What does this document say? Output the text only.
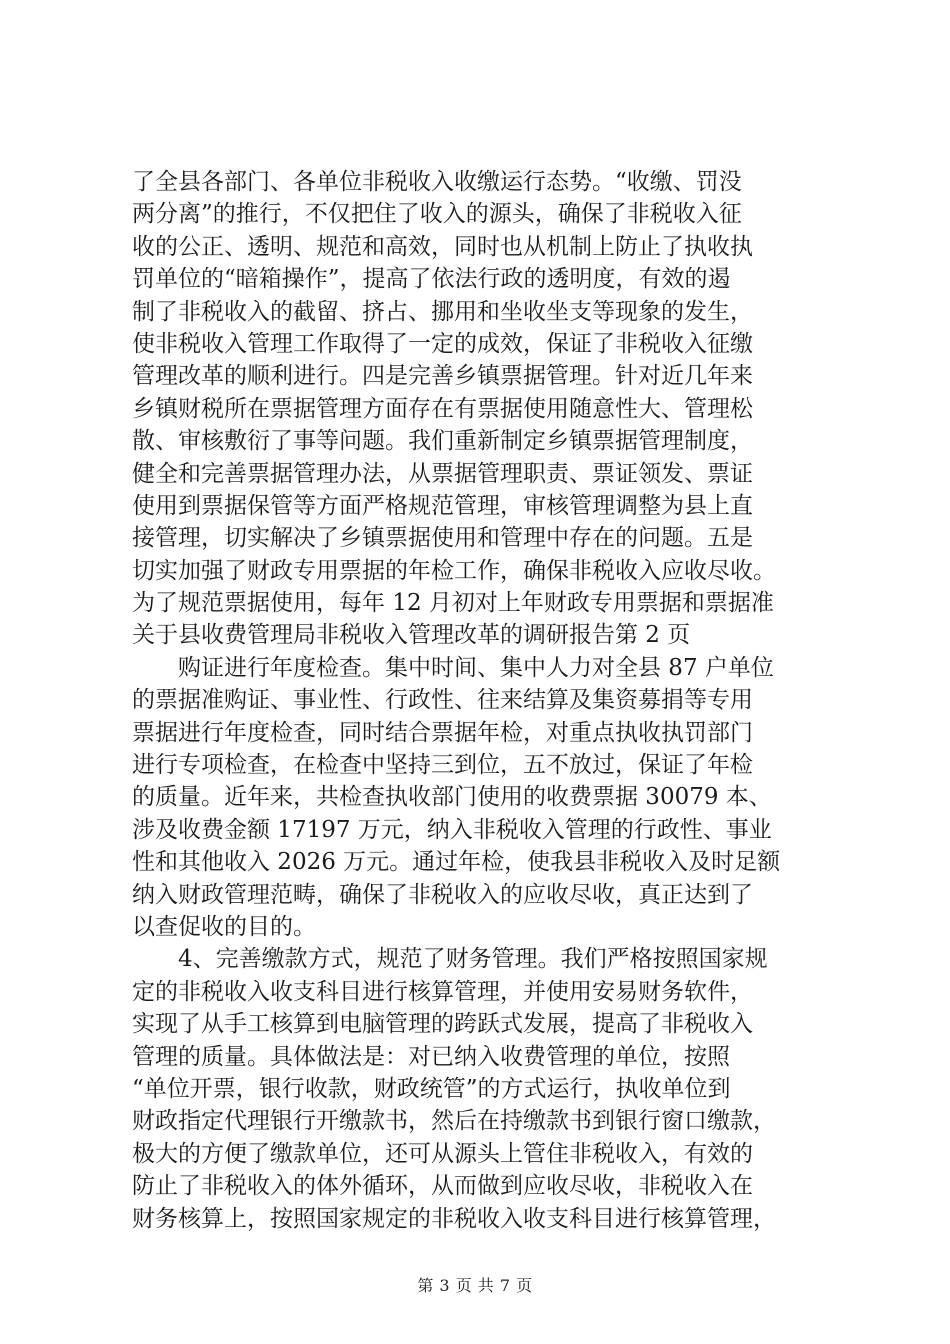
了全县各部门、各单位非税收入收缴运行态势。“收缴、罚没
两分离”的推行，不仅把住了收入的源头，确保了非税收入征
收的公正、透明、规范和高效，同时也从机制上防止了执收执
罚单位的“暗箱操作”，提高了依法行政的透明度，有效的遏
制了非税收入的截留、挤占、挪用和坐收坐支等现象的发生，
使非税收入管理工作取得了一定的成效，保证了非税收入征缴
管理改革的顺利进行。四是完善乡镇票据管理。针对近几年来
乡镇财税所在票据管理方面存在有票据使用随意性大、管理松
散、审核敷衍了事等问题。我们重新制定乡镇票据管理制度，
健全和完善票据管理办法，从票据管理职责、票证领发、票证
使用到票据保管等方面严格规范管理，审核管理调整为县上直
接管理，切实解决了乡镇票据使用和管理中存在的问题。五是
切实加强了财政专用票据的年检工作，确保非税收入应收尽收。
为了规范票据使用，每年 12 月初对上年财政专用票据和票据准
关于县收费管理局非税收入管理改革的调研报告第 2 页
　　购证进行年度检查。集中时间、集中人力对全县 87 户单位
的票据准购证、事业性、行政性、往来结算及集资募捐等专用
票据进行年度检查，同时结合票据年检，对重点执收执罚部门
进行专项检查，在检查中坚持三到位，五不放过，保证了年检
的质量。近年来，共检查执收部门使用的收费票据 30079 本、
涉及收费金额 17197 万元，纳入非税收入管理的行政性、事业
性和其他收入 2026 万元。通过年检，使我县非税收入及时足额
纳入财政管理范畴，确保了非税收入的应收尽收，真正达到了
以查促收的目的。
　　4、完善缴款方式，规范了财务管理。我们严格按照国家规
定的非税收入收支科目进行核算管理，并使用安易财务软件，
实现了从手工核算到电脑管理的跨跃式发展，提高了非税收入
管理的质量。具体做法是：对已纳入收费管理的单位，按照
“单位开票，银行收款，财政统管”的方式运行，执收单位到
财政指定代理银行开缴款书，然后在持缴款书到银行窗口缴款，
极大的方便了缴款单位，还可从源头上管住非税收入，有效的
防止了非税收入的体外循环，从而做到应收尽收，非税收入在
财务核算上，按照国家规定的非税收入收支科目进行核算管理，
第 3 页 共 7 页
